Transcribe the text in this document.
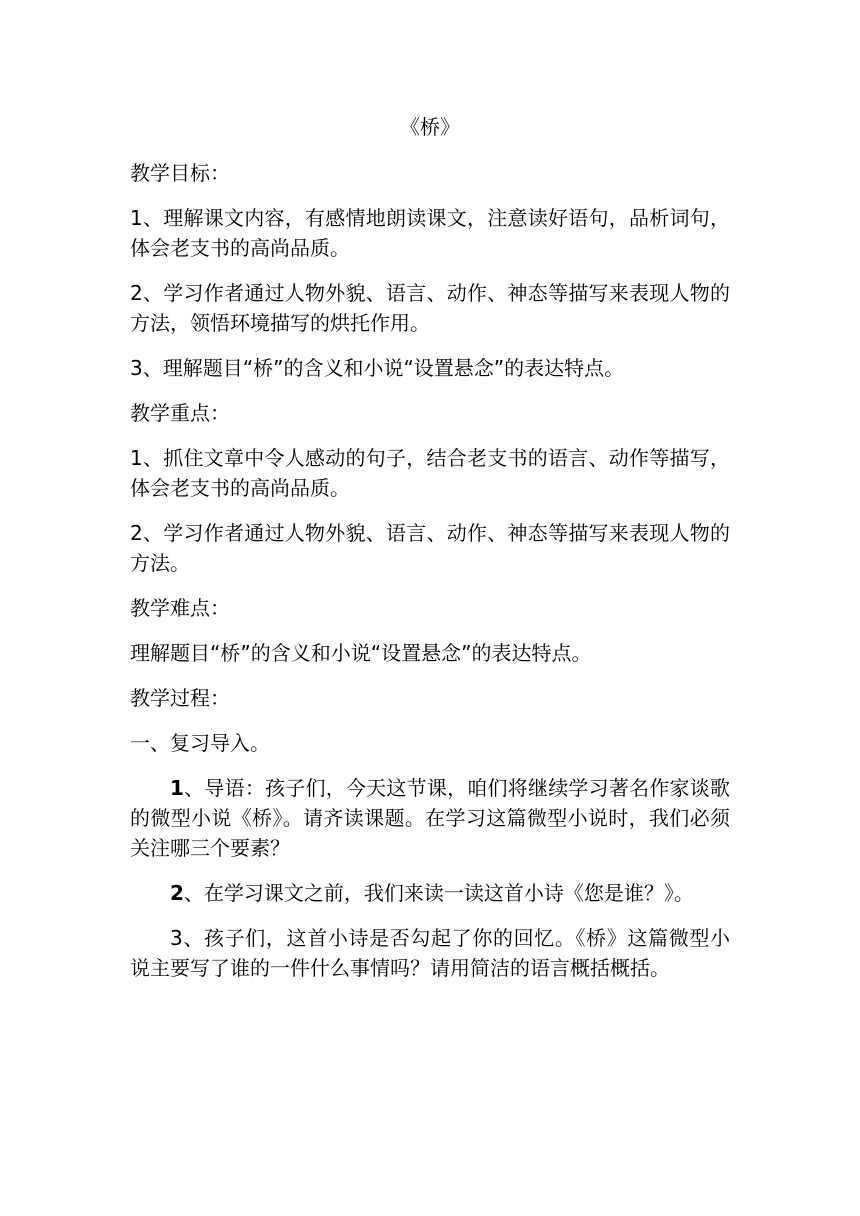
《桥》
教学目标：
1、理解课文内容，有感情地朗读课文，注意读好语句，品析词句，体会老支书的高尚品质。
2、学习作者通过人物外貌、语言、动作、神态等描写来表现人物的方法，领悟环境描写的烘托作用。
3、理解题目“桥”的含义和小说“设置悬念”的表达特点。
教学重点：
1、抓住文章中令人感动的句子，结合老支书的语言、动作等描写，体会老支书的高尚品质。
2、学习作者通过人物外貌、语言、动作、神态等描写来表现人物的方法。
教学难点：
理解题目“桥”的含义和小说“设置悬念”的表达特点。
教学过程：
一、复习导入。
1、导语：孩子们，今天这节课，咱们将继续学习著名作家谈歌的微型小说《桥》。请齐读课题。在学习这篇微型小说时，我们必须关注哪三个要素？
2、在学习课文之前，我们来读一读这首小诗《您是谁？》。
3、孩子们，这首小诗是否勾起了你的回忆。《桥》这篇微型小说主要写了谁的一件什么事情吗？请用简洁的语言概括概括。
